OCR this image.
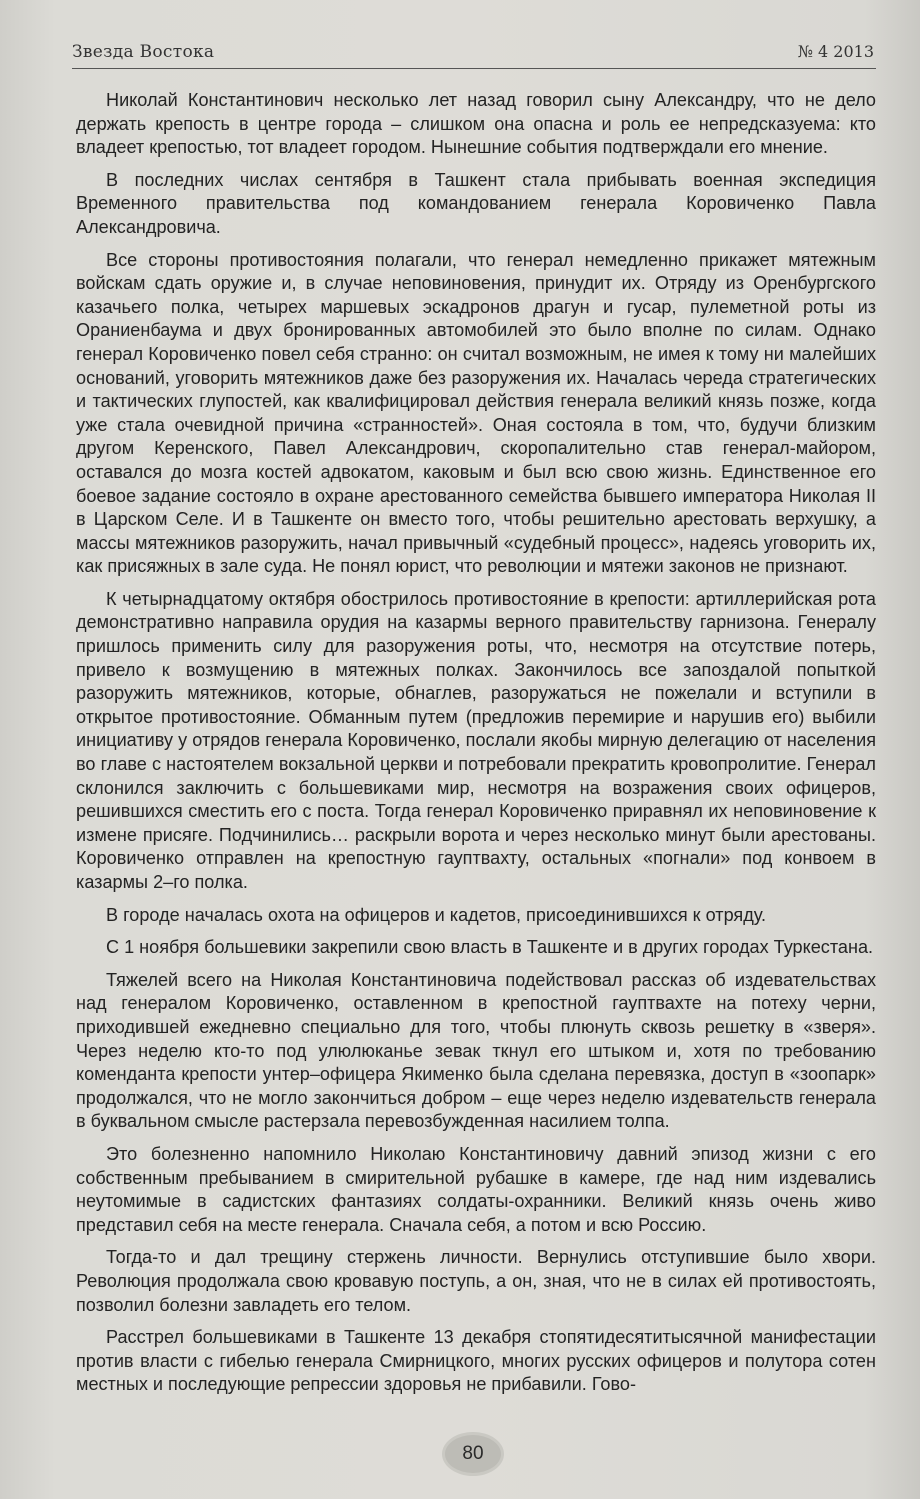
Звезда Востока	№ 4 2013

Николай Константинович несколько лет назад говорил сыну Александру, что не дело держать крепость в центре города – слишком она опасна и роль ее непредсказуема: кто владеет крепостью, тот владеет городом. Нынешние события подтверждали его мнение.

В последних числах сентября в Ташкент стала прибывать военная экспедиция Временного правительства под командованием генерала Коровиченко Павла Александровича.

Все стороны противостояния полагали, что генерал немедленно прикажет мятежным войскам сдать оружие и, в случае неповиновения, принудит их. Отряду из Оренбургского казачьего полка, четырех маршевых эскадронов драгун и гусар, пулеметной роты из Ораниенбаума и двух бронированных автомобилей это было вполне по силам. Однако генерал Коровиченко повел себя странно: он считал возможным, не имея к тому ни малейших оснований, уговорить мятежников даже без разоружения их. Началась череда стратегических и тактических глупостей, как квалифицировал действия генерала великий князь позже, когда уже стала очевидной причина «странностей». Оная состояла в том, что, будучи близким другом Керенского, Павел Александрович, скоропалительно став генерал-майором, оставался до мозга костей адвокатом, каковым и был всю свою жизнь. Единственное его боевое задание состояло в охране арестованного семейства бывшего императора Николая II в Царском Селе. И в Ташкенте он вместо того, чтобы решительно арестовать верхушку, а массы мятежников разоружить, начал привычный «судебный процесс», надеясь уговорить их, как присяжных в зале суда. Не понял юрист, что революции и мятежи законов не признают.

К четырнадцатому октября обострилось противостояние в крепости: артиллерийская рота демонстративно направила орудия на казармы верного правительству гарнизона. Генералу пришлось применить силу для разоружения роты, что, несмотря на отсутствие потерь, привело к возмущению в мятежных полках. Закончилось все запоздалой попыткой разоружить мятежников, которые, обнаглев, разоружаться не пожелали и вступили в открытое противостояние. Обманным путем (предложив перемирие и нарушив его) выбили инициативу у отрядов генерала Коровиченко, послали якобы мирную делегацию от населения во главе с настоятелем вокзальной церкви и потребовали прекратить кровопролитие. Генерал склонился заключить с большевиками мир, несмотря на возражения своих офицеров, решившихся сместить его с поста. Тогда генерал Коровиченко приравнял их неповиновение к измене присяге. Подчинились… раскрыли ворота и через несколько минут были арестованы. Коровиченко отправлен на крепостную гауптвахту, остальных «погнали» под конвоем в казармы 2–го полка.

В городе началась охота на офицеров и кадетов, присоединившихся к отряду.

С 1 ноября большевики закрепили свою власть в Ташкенте и в других городах Туркестана.

Тяжелей всего на Николая Константиновича подействовал рассказ об издевательствах над генералом Коровиченко, оставленном в крепостной гауптвахте на потеху черни, приходившей ежедневно специально для того, чтобы плюнуть сквозь решетку в «зверя». Через неделю кто-то под улюлюканье зевак ткнул его штыком и, хотя по требованию коменданта крепости унтер–офицера Якименко была сделана перевязка, доступ в «зоопарк» продолжался, что не могло закончиться добром – еще через неделю издевательств генерала в буквальном смысле растерзала перевозбужденная насилием толпа.

Это болезненно напомнило Николаю Константиновичу давний эпизод жизни с его собственным пребыванием в смирительной рубашке в камере, где над ним издевались неутомимые в садистских фантазиях солдаты-охранники. Великий князь очень живо представил себя на месте генерала. Сначала себя, а потом и всю Россию.

Тогда-то и дал трещину стержень личности. Вернулись отступившие было хвори. Революция продолжала свою кровавую поступь, а он, зная, что не в силах ей противостоять, позволил болезни завладеть его телом.

Расстрел большевиками в Ташкенте 13 декабря стопятидесятитысячной манифестации против власти с гибелью генерала Смирницкого, многих русских офицеров и полутора сотен местных и последующие репрессии здоровья не прибавили. Гово-

80
